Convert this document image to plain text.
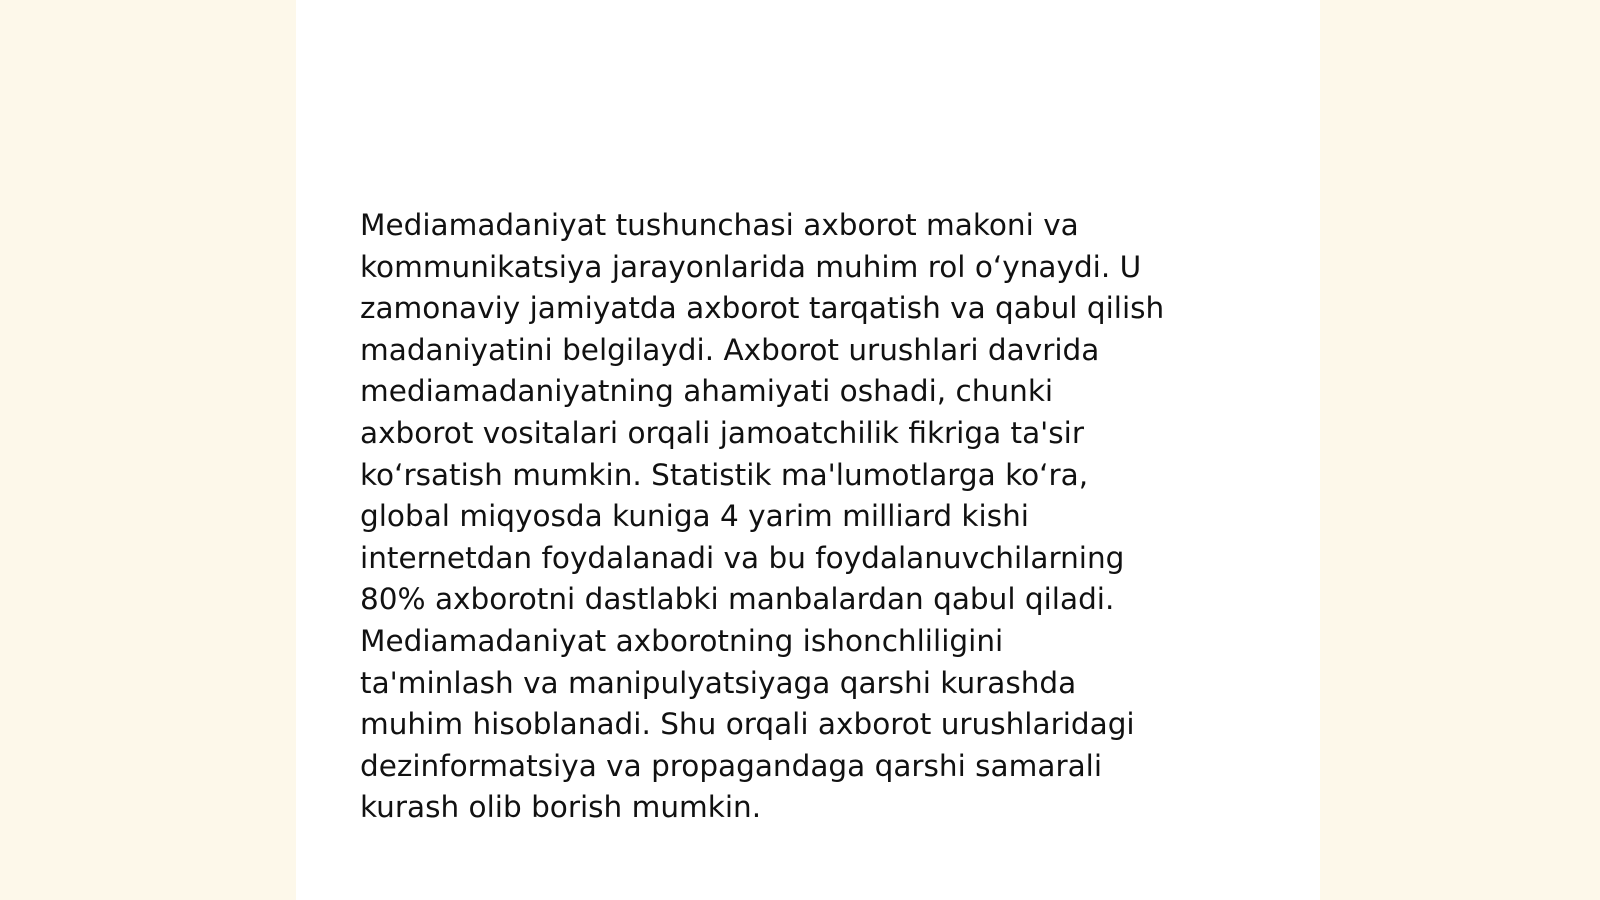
Mediamadaniyat tushunchasi axborot makoni va
kommunikatsiya jarayonlarida muhim rol o‘ynaydi. U
zamonaviy jamiyatda axborot tarqatish va qabul qilish
madaniyatini belgilaydi. Axborot urushlari davrida
mediamadaniyatning ahamiyati oshadi, chunki
axborot vositalari orqali jamoatchilik fikriga ta'sir
ko‘rsatish mumkin. Statistik ma'lumotlarga ko‘ra,
global miqyosda kuniga 4 yarim milliard kishi
internetdan foydalanadi va bu foydalanuvchilarning
80% axborotni dastlabki manbalardan qabul qiladi.
Mediamadaniyat axborotning ishonchliligini
ta'minlash va manipulyatsiyaga qarshi kurashda
muhim hisoblanadi. Shu orqali axborot urushlaridagi
dezinformatsiya va propagandaga qarshi samarali
kurash olib borish mumkin.
